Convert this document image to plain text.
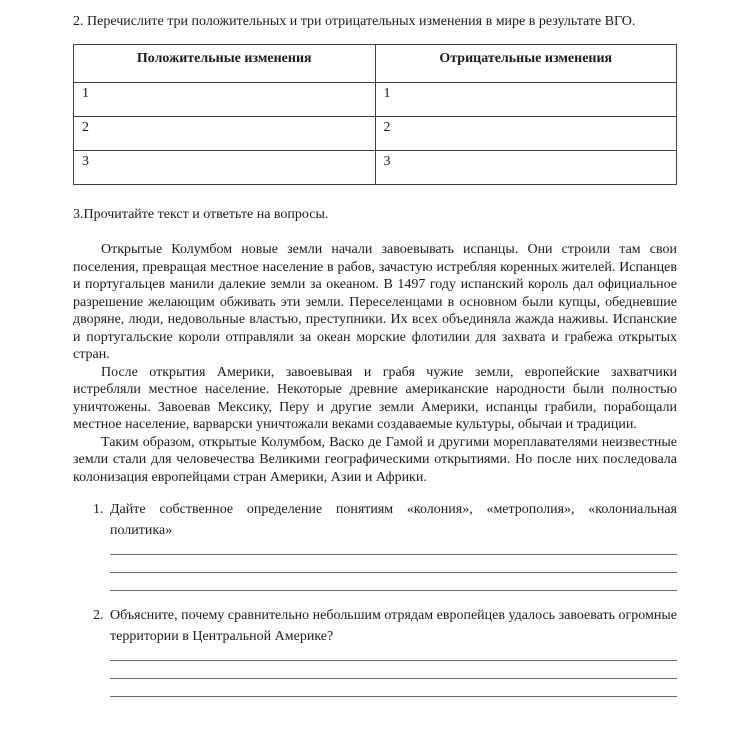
2. Перечислите три положительных и три отрицательных изменения в мире в результате ВГО.

Положительные изменения	Отрицательные изменения
1	1
2	2
3	3

3.Прочитайте текст и ответьте на вопросы.

Открытые Колумбом новые земли начали завоевывать испанцы. Они строили там свои поселения, превращая местное население в рабов, зачастую истребляя коренных жителей. Испанцев и португальцев манили далекие земли за океаном. В 1497 году испанский король дал официальное разрешение желающим обживать эти земли. Переселенцами в основном были купцы, обедневшие дворяне, люди, недовольные властью, преступники. Их всех объединяла жажда наживы. Испанские и португальские короли отправляли за океан морские флотилии для захвата и грабежа открытых стран.

После открытия Америки, завоевывая и грабя чужие земли, европейские захватчики истребляли местное население. Некоторые древние американские народности были полностью уничтожены. Завоевав Мексику, Перу и другие земли Америки, испанцы грабили, порабощали местное население, варварски уничтожали веками создаваемые культуры, обычаи и традиции.

Таким образом, открытые Колумбом, Васко де Гамой и другими мореплавателями неизвестные земли стали для человечества Великими географическими открытиями. Но после них последовала колонизация европейцами стран Америки, Азии и Африки.

1. Дайте собственное определение понятиям «колония», «метрополия», «колониальная политика»
2. Объясните, почему сравнительно небольшим отрядам европейцев удалось завоевать огромные территории в Центральной Америке?
